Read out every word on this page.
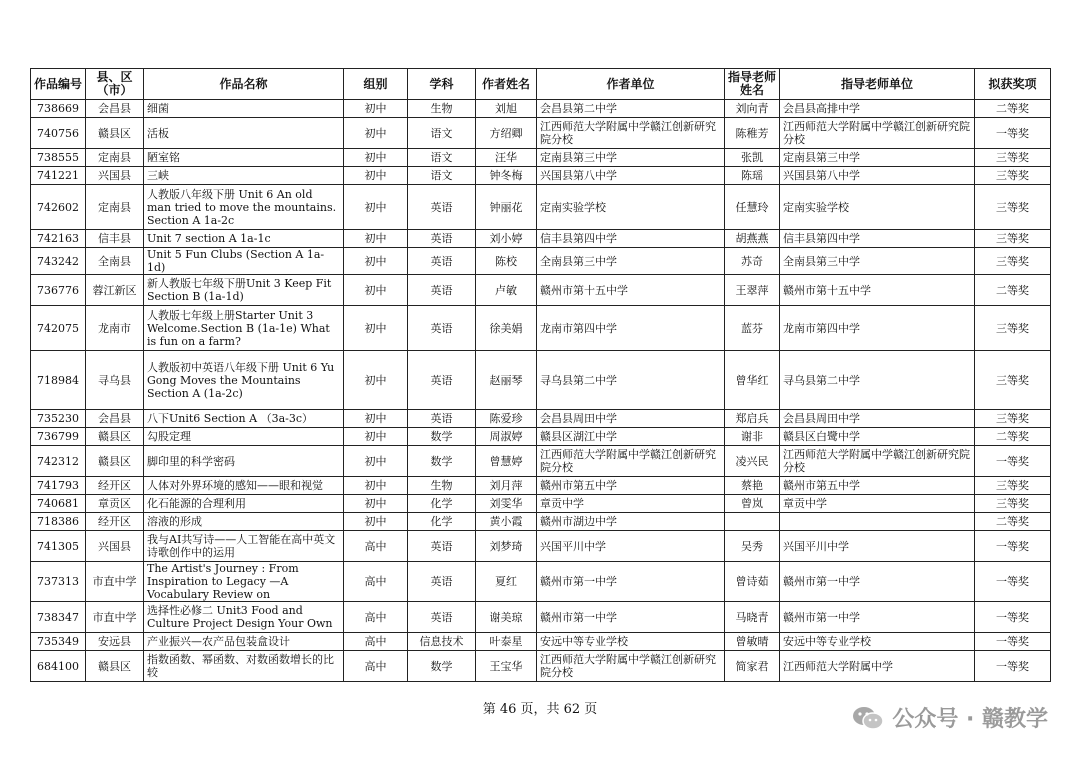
作品编号	县、区（市）	作品名称	组别	学科	作者姓名	作者单位	指导老师姓名	指导老师单位	拟获奖项
738669	会昌县	细菌	初中	生物	刘旭	会昌县第二中学	刘向青	会昌县高排中学	二等奖
740756	赣县区	活板	初中	语文	方绍卿	江西师范大学附属中学赣江创新研究院分校	陈稚芳	江西师范大学附属中学赣江创新研究院分校	一等奖
738555	定南县	陋室铭	初中	语文	汪华	定南县第三中学	张凯	定南县第三中学	三等奖
741221	兴国县	三峡	初中	语文	钟冬梅	兴国县第八中学	陈瑶	兴国县第八中学	三等奖
742602	定南县	人教版八年级下册 Unit 6 An old man tried to move the mountains. Section A 1a-2c	初中	英语	钟丽花	定南实验学校	任慧玲	定南实验学校	三等奖
742163	信丰县	Unit 7 section A 1a-1c	初中	英语	刘小婷	信丰县第四中学	胡燕燕	信丰县第四中学	三等奖
743242	全南县	Unit 5 Fun Clubs (Section A 1a-1d)	初中	英语	陈校	全南县第三中学	苏奇	全南县第三中学	三等奖
736776	蓉江新区	新人教版七年级下册Unit 3 Keep Fit Section B (1a-1d)	初中	英语	卢敏	赣州市第十五中学	王翠萍	赣州市第十五中学	二等奖
742075	龙南市	人教版七年级上册Starter Unit 3 Welcome.Section B (1a-1e) What is fun on a farm?	初中	英语	徐美娟	龙南市第四中学	蓝芬	龙南市第四中学	三等奖
718984	寻乌县	人教版初中英语八年级下册 Unit 6 Yu Gong Moves the Mountains Section A (1a-2c)	初中	英语	赵丽琴	寻乌县第二中学	曾华红	寻乌县第二中学	三等奖
735230	会昌县	八下Unit6 Section A （3a-3c）	初中	英语	陈爱珍	会昌县周田中学	郑启兵	会昌县周田中学	三等奖
736799	赣县区	勾股定理	初中	数学	周淑婷	赣县区湖江中学	谢非	赣县区白鹭中学	二等奖
742312	赣县区	脚印里的科学密码	初中	数学	曾慧婷	江西师范大学附属中学赣江创新研究院分校	凌兴民	江西师范大学附属中学赣江创新研究院分校	一等奖
741793	经开区	人体对外界环境的感知——眼和视觉	初中	生物	刘月萍	赣州市第五中学	蔡艳	赣州市第五中学	三等奖
740681	章贡区	化石能源的合理利用	初中	化学	刘雯华	章贡中学	曾岚	章贡中学	三等奖
718386	经开区	溶液的形成	初中	化学	黄小霞	赣州市湖边中学			二等奖
741305	兴国县	我与AI共写诗——人工智能在高中英文诗歌创作中的运用	高中	英语	刘梦琦	兴国平川中学	吴秀	兴国平川中学	一等奖
737313	市直中学	The Artist's Journey : From Inspiration to Legacy —A Vocabulary Review on	高中	英语	夏红	赣州市第一中学	曾诗茹	赣州市第一中学	一等奖
738347	市直中学	选择性必修二 Unit3 Food and Culture Project Design Your Own	高中	英语	谢美琼	赣州市第一中学	马晓青	赣州市第一中学	一等奖
735349	安远县	产业振兴—农产品包装盒设计	高中	信息技术	叶泰星	安远中等专业学校	曾敏晴	安远中等专业学校	一等奖
684100	赣县区	指数函数、幂函数、对数函数增长的比较	高中	数学	王宝华	江西师范大学附属中学赣江创新研究院分校	简家君	江西师范大学附属中学	一等奖
第 46 页，共 62 页	公众号 · 赣教学
